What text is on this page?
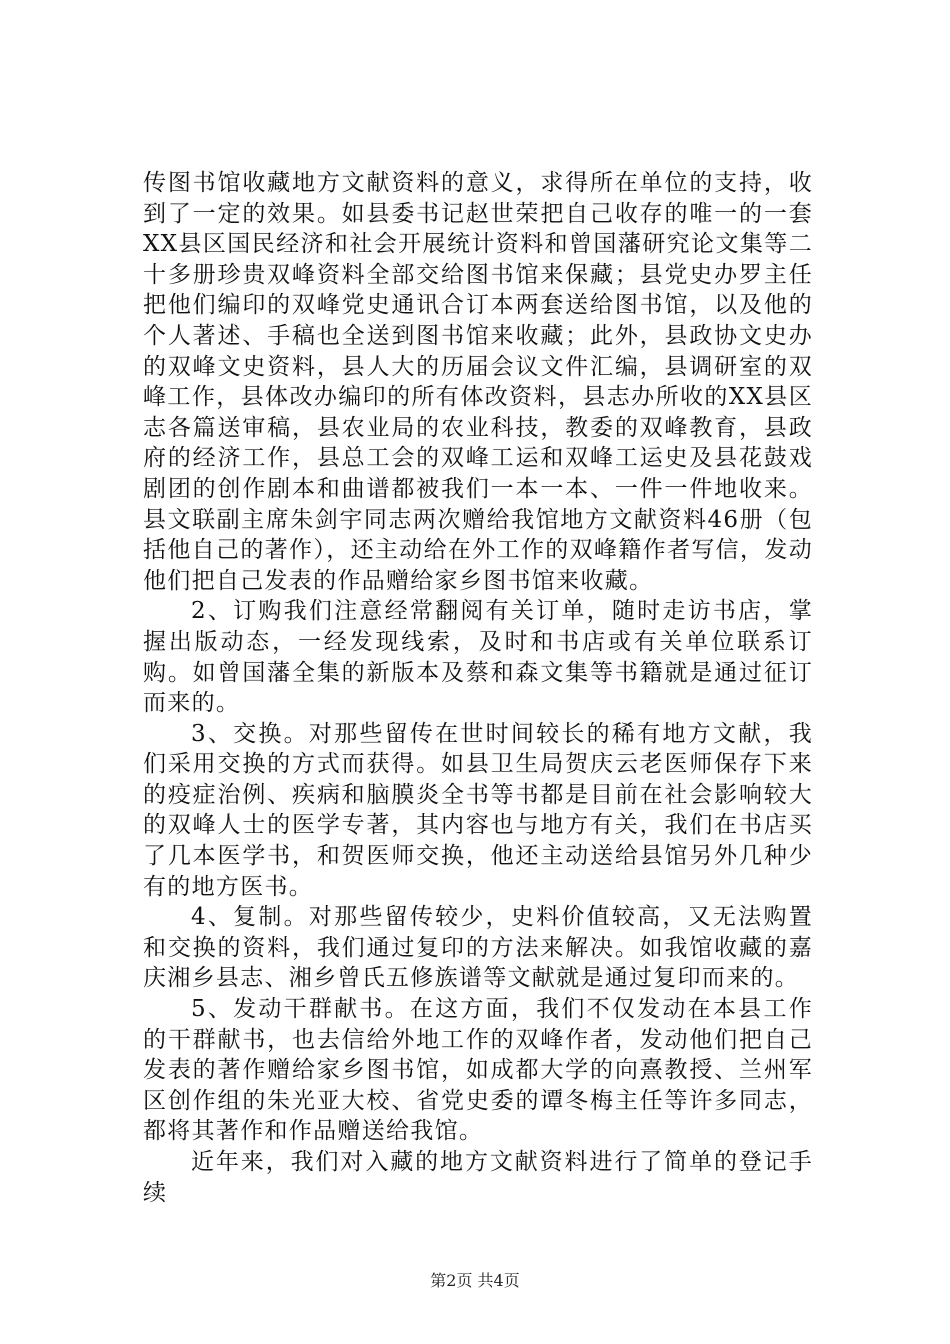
传图书馆收藏地方文献资料的意义，求得所在单位的支持，收到了一定的效果。如县委书记赵世荣把自己收存的唯一的一套XX县区国民经济和社会开展统计资料和曾国藩研究论文集等二十多册珍贵双峰资料全部交给图书馆来保藏；县党史办罗主任把他们编印的双峰党史通讯合订本两套送给图书馆，以及他的个人著述、手稿也全送到图书馆来收藏；此外，县政协文史办的双峰文史资料，县人大的历届会议文件汇编，县调研室的双峰工作，县体改办编印的所有体改资料，县志办所收的XX县区志各篇送审稿，县农业局的农业科技，教委的双峰教育，县政府的经济工作，县总工会的双峰工运和双峰工运史及县花鼓戏剧团的创作剧本和曲谱都被我们一本一本、一件一件地收来。县文联副主席朱剑宇同志两次赠给我馆地方文献资料46册（包括他自己的著作），还主动给在外工作的双峰籍作者写信，发动他们把自己发表的作品赠给家乡图书馆来收藏。

2、订购我们注意经常翻阅有关订单，随时走访书店，掌握出版动态，一经发现线索，及时和书店或有关单位联系订购。如曾国藩全集的新版本及蔡和森文集等书籍就是通过征订而来的。

3、交换。对那些留传在世时间较长的稀有地方文献，我们采用交换的方式而获得。如县卫生局贺庆云老医师保存下来的疫症治例、疾病和脑膜炎全书等书都是目前在社会影响较大的双峰人士的医学专著，其内容也与地方有关，我们在书店买了几本医学书，和贺医师交换，他还主动送给县馆另外几种少有的地方医书。

4、复制。对那些留传较少，史料价值较高，又无法购置和交换的资料，我们通过复印的方法来解决。如我馆收藏的嘉庆湘乡县志、湘乡曾氏五修族谱等文献就是通过复印而来的。

5、发动干群献书。在这方面，我们不仅发动在本县工作的干群献书，也去信给外地工作的双峰作者，发动他们把自己发表的著作赠给家乡图书馆，如成都大学的向熹教授、兰州军区创作组的朱光亚大校、省党史委的谭冬梅主任等许多同志，都将其著作和作品赠送给我馆。

近年来，我们对入藏的地方文献资料进行了简单的登记手续

第2页 共4页
